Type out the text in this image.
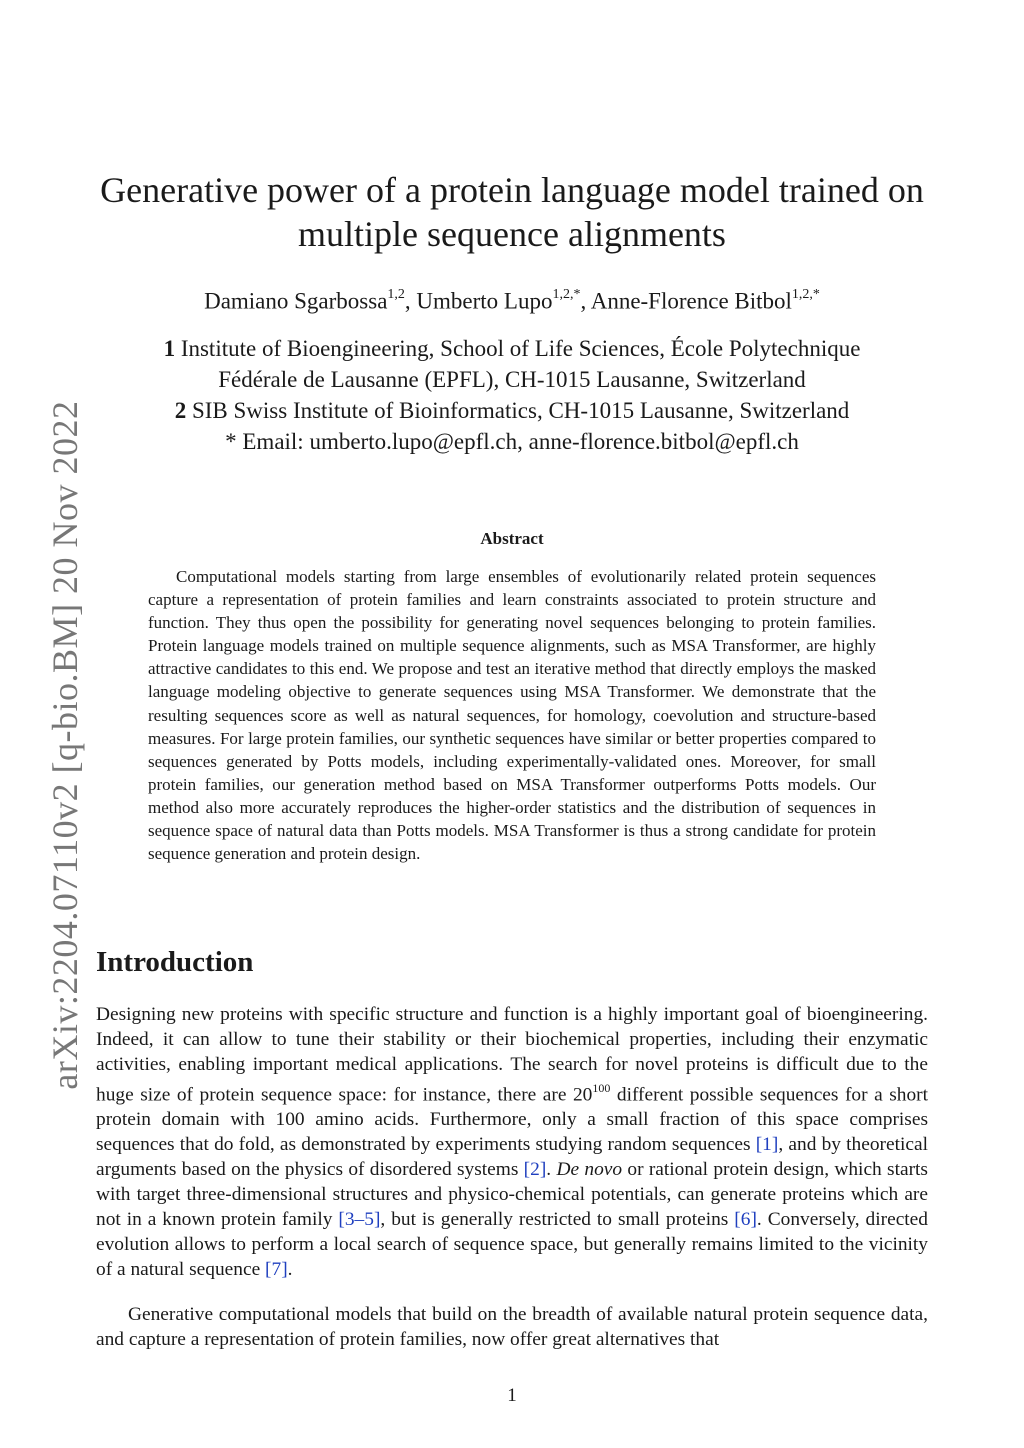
arXiv:2204.07110v2 [q-bio.BM] 20 Nov 2022
Generative power of a protein language model trained on
multiple sequence alignments
Damiano Sgarbossa$^{1,2}$, Umberto Lupo$^{1,2,*}$, Anne-Florence Bitbol$^{1,2,*}$
1 Institute of Bioengineering, School of Life Sciences, École Polytechnique
Fédérale de Lausanne (EPFL), CH-1015 Lausanne, Switzerland
2 SIB Swiss Institute of Bioinformatics, CH-1015 Lausanne, Switzerland
* Email: umberto.lupo@epfl.ch, anne-florence.bitbol@epfl.ch
Abstract

Computational models starting from large ensembles of evolutionarily related protein sequences capture a representation of protein families and learn constraints associated to protein structure and function. They thus open the possibility for generating novel sequences belonging to protein families. Protein language models trained on multiple sequence alignments, such as MSA Transformer, are highly attractive candidates to this end. We propose and test an iterative method that directly employs the masked language modeling objective to generate sequences using MSA Transformer. We demonstrate that the resulting sequences score as well as natural sequences, for homology, coevolution and structure-based measures. For large protein families, our synthetic sequences have similar or better properties compared to sequences generated by Potts models, including experimentally-validated ones. Moreover, for small protein families, our generation method based on MSA Transformer outperforms Potts models. Our method also more accurately reproduces the higher-order statistics and the distribution of sequences in sequence space of natural data than Potts models. MSA Transformer is thus a strong candidate for protein sequence generation and protein design.

Introduction

Designing new proteins with specific structure and function is a highly important goal of bioengineering. Indeed, it can allow to tune their stability or their biochemical properties, including their enzymatic activities, enabling important medical applications. The search for novel proteins is difficult due to the huge size of protein sequence space: for instance, there are $20^{100}$ different possible sequences for a short protein domain with 100 amino acids. Furthermore, only a small fraction of this space comprises sequences that do fold, as demonstrated by experiments studying random sequences [1], and by theoretical arguments based on the physics of disordered systems [2]. De novo or rational protein design, which starts with target three-dimensional structures and physico-chemical potentials, can generate proteins which are not in a known protein family [3–5], but is generally restricted to small proteins [6]. Conversely, directed evolution allows to perform a local search of sequence space, but generally remains limited to the vicinity of a natural sequence [7].

Generative computational models that build on the breadth of available natural protein sequence data, and capture a representation of protein families, now offer great alternatives that

1
